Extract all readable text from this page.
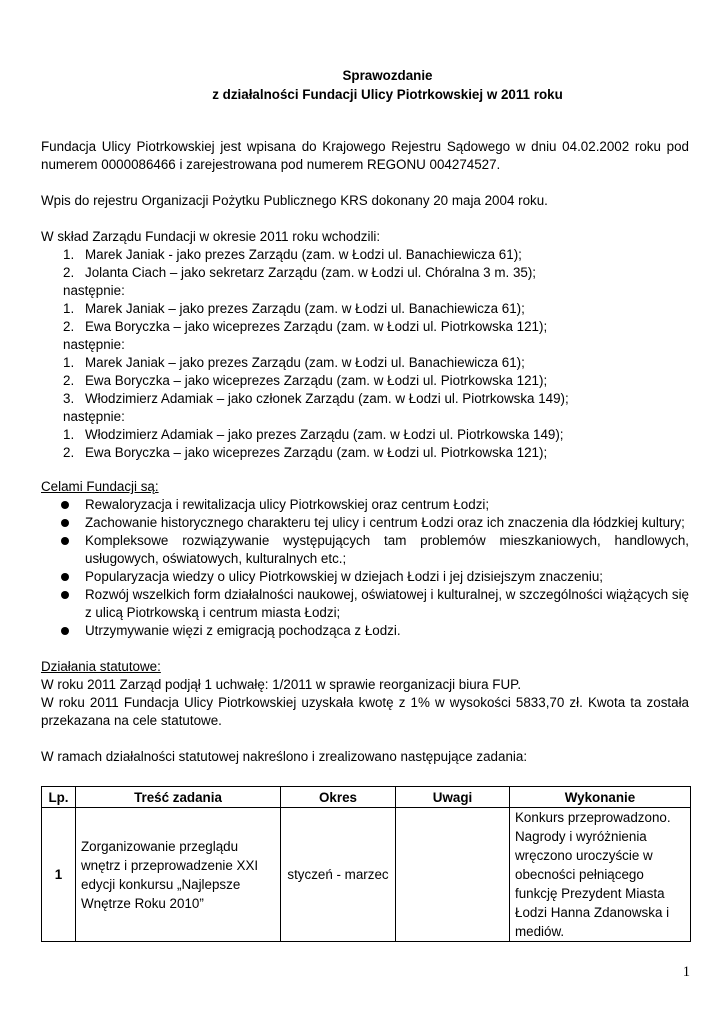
Sprawozdanie
z działalności Fundacji Ulicy Piotrkowskiej w 2011 roku
Fundacja Ulicy Piotrkowskiej jest wpisana do Krajowego Rejestru Sądowego w dniu 04.02.2002 roku pod numerem 0000086466 i zarejestrowana pod numerem REGONU 004274527.
Wpis do rejestru Organizacji Pożytku Publicznego KRS dokonany 20 maja 2004 roku.
W skład Zarządu Fundacji w okresie 2011 roku wchodzili:
1. Marek Janiak - jako prezes Zarządu (zam. w Łodzi ul. Banachiewicza 61);
2. Jolanta Ciach – jako sekretarz Zarządu (zam. w Łodzi ul. Chóralna 3 m. 35);
następnie:
1. Marek Janiak – jako prezes Zarządu (zam. w Łodzi ul. Banachiewicza 61);
2. Ewa Boryczka – jako wiceprezes Zarządu (zam. w Łodzi ul. Piotrkowska 121);
następnie:
1. Marek Janiak – jako prezes Zarządu (zam. w Łodzi ul. Banachiewicza 61);
2. Ewa Boryczka – jako wiceprezes Zarządu (zam. w Łodzi ul. Piotrkowska 121);
3. Włodzimierz Adamiak – jako członek Zarządu (zam. w Łodzi ul. Piotrkowska 149);
następnie:
1. Włodzimierz Adamiak – jako prezes Zarządu (zam. w Łodzi ul. Piotrkowska 149);
2. Ewa Boryczka – jako wiceprezes Zarządu (zam. w Łodzi ul. Piotrkowska 121);
Celami Fundacji są:
Rewaloryzacja i rewitalizacja ulicy Piotrkowskiej oraz centrum Łodzi;
Zachowanie historycznego charakteru tej ulicy i centrum Łodzi oraz ich znaczenia dla łódzkiej kultury;
Kompleksowe rozwiązywanie występujących tam problemów mieszkaniowych, handlowych, usługowych, oświatowych, kulturalnych etc.;
Popularyzacja wiedzy o ulicy Piotrkowskiej w dziejach Łodzi i jej dzisiejszym znaczeniu;
Rozwój wszelkich form działalności naukowej, oświatowej i kulturalnej, w szczególności wiążących się z ulicą Piotrkowską i centrum miasta Łodzi;
Utrzymywanie więzi z emigracją pochodząca z Łodzi.
Działania statutowe:
W roku 2011 Zarząd podjął 1 uchwałę: 1/2011 w sprawie reorganizacji biura FUP.
W roku 2011 Fundacja Ulicy Piotrkowskiej uzyskała kwotę z 1% w wysokości 5833,70 zł. Kwota ta została przekazana na cele statutowe.
W ramach działalności statutowej nakreślono i zrealizowano następujące zadania:
Lp.	Treść zadania	Okres	Uwagi	Wykonanie
1	Zorganizowanie przeglądu wnętrz i przeprowadzenie XXI edycji konkursu „Najlepsze Wnętrze Roku 2010”	styczeń - marzec		Konkurs przeprowadzono. Nagrody i wyróżnienia wręczono uroczyście w obecności pełniącego funkcję Prezydent Miasta Łodzi Hanna Zdanowska i mediów.
1
